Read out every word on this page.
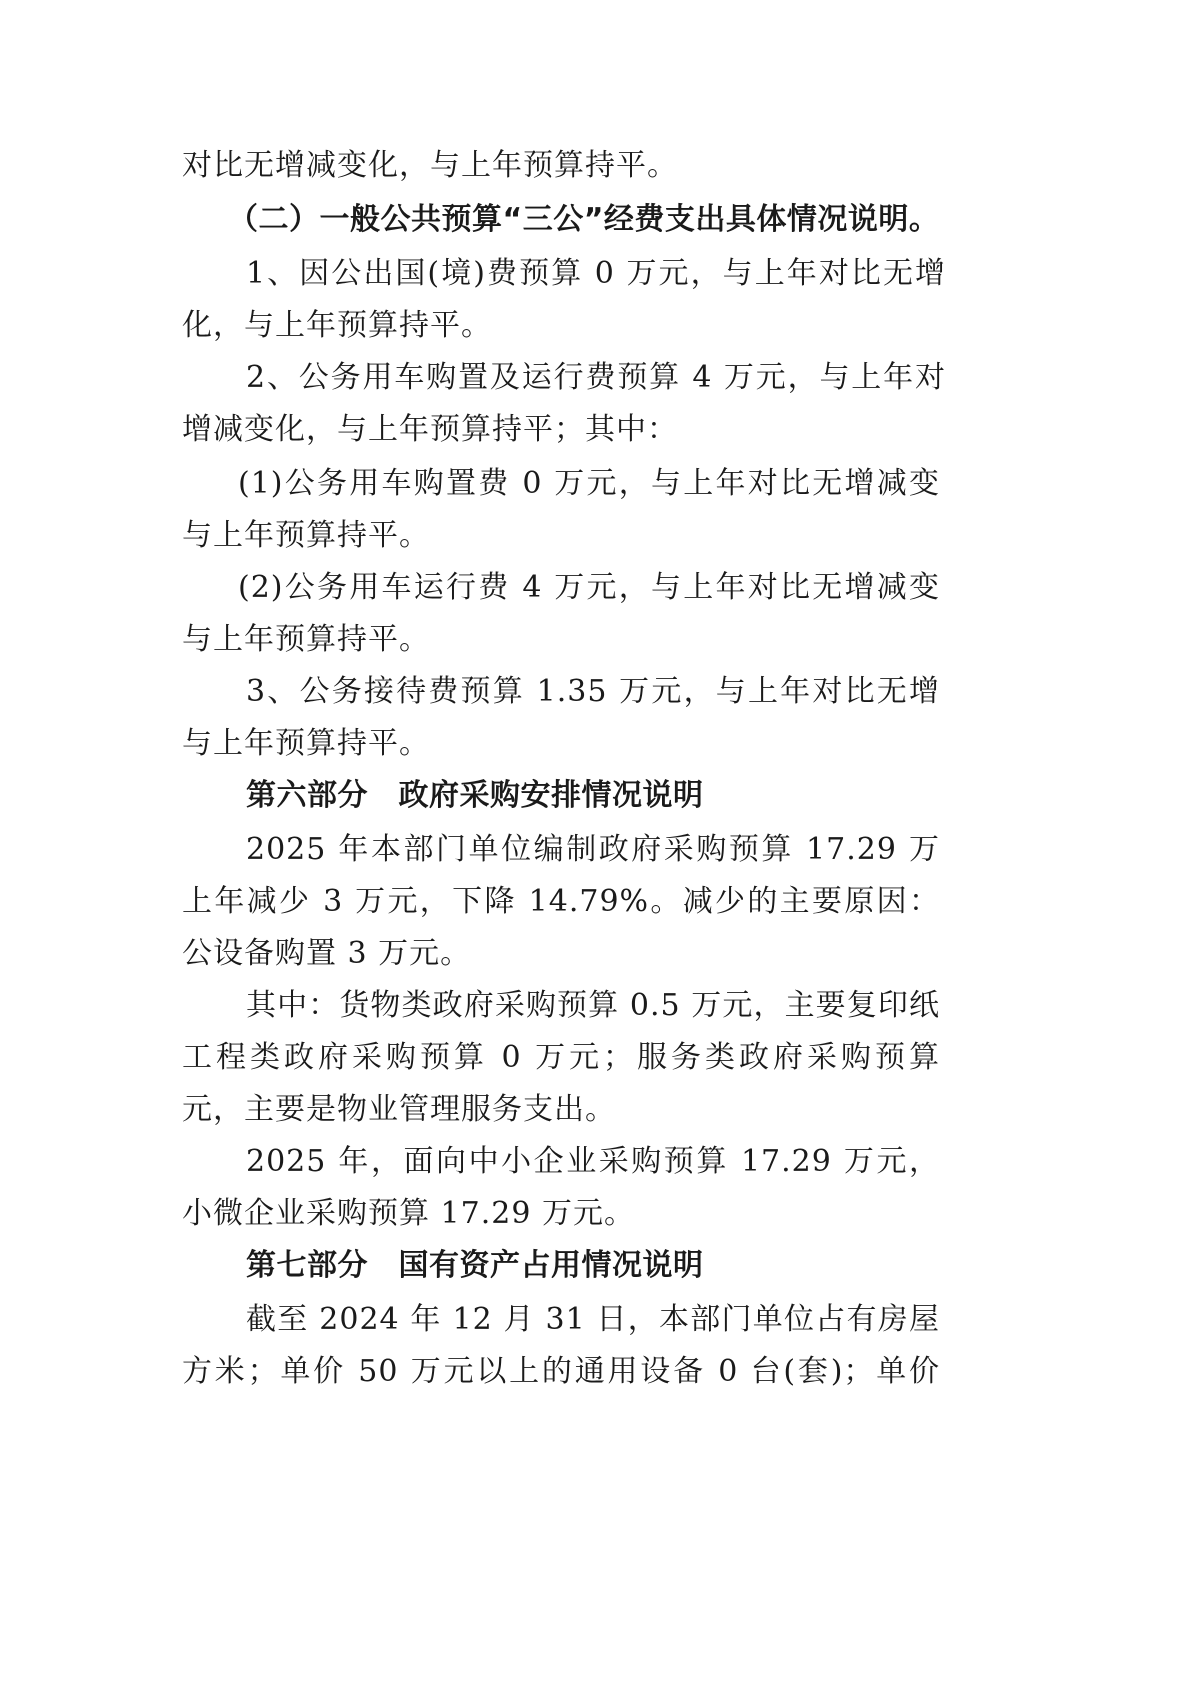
对比无增减变化，与上年预算持平。
（二）一般公共预算“三公”经费支出具体情况说明。
1、因公出国(境)费预算 0 万元，与上年对比无增
化，与上年预算持平。
2、公务用车购置及运行费预算 4 万元，与上年对
增减变化，与上年预算持平；其中：
(1)公务用车购置费 0 万元，与上年对比无增减变
与上年预算持平。
(2)公务用车运行费 4 万元，与上年对比无增减变
与上年预算持平。
3、公务接待费预算 1.35 万元，与上年对比无增
与上年预算持平。
第六部分　政府采购安排情况说明
2025 年本部门单位编制政府采购预算 17.29 万
上年减少 3 万元，下降 14.79%。减少的主要原因：
公设备购置 3 万元。
其中：货物类政府采购预算 0.5 万元，主要复印纸
工程类政府采购预算 0 万元；服务类政府采购预算
元，主要是物业管理服务支出。
2025 年，面向中小企业采购预算 17.29 万元，
小微企业采购预算 17.29 万元。
第七部分　国有资产占用情况说明
截至 2024 年 12 月 31 日，本部门单位占有房屋
方米；单价 50 万元以上的通用设备 0 台(套)；单价
